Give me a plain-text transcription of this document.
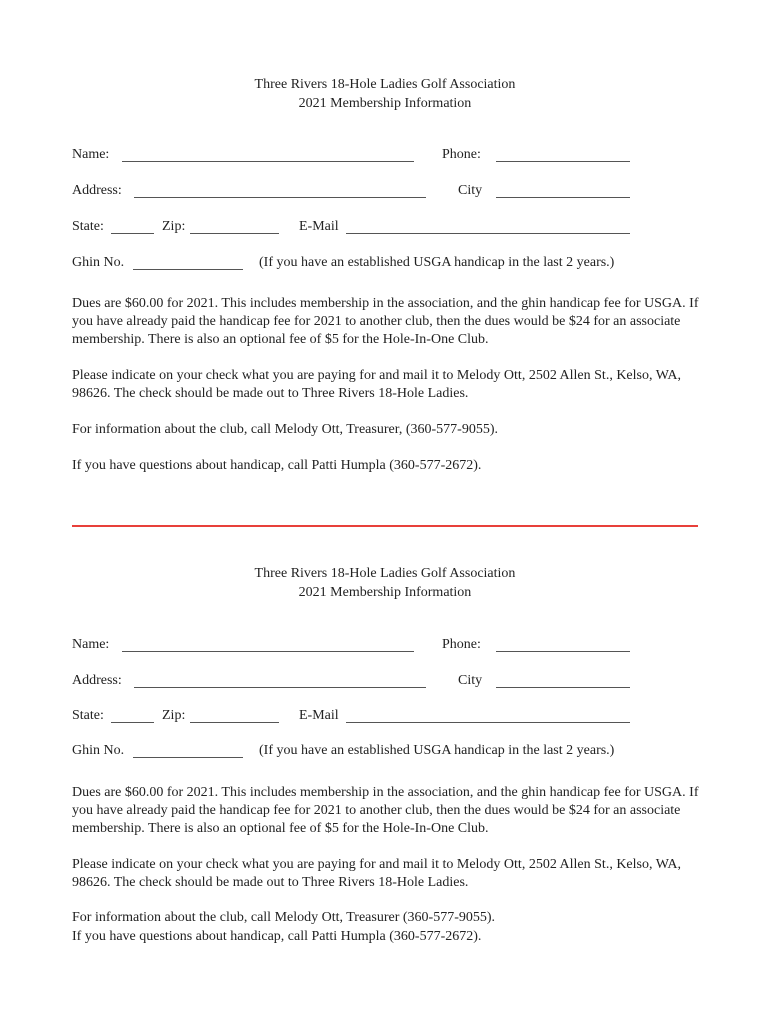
Three Rivers 18-Hole Ladies Golf Association
2021 Membership Information
Name:	Phone:
Address:	City
State:	Zip:	E-Mail
Ghin No.	(If you have an established USGA handicap in the last 2 years.)
Dues are $60.00 for 2021. This includes membership in the association, and the ghin handicap fee for USGA. If you have already paid the handicap fee for 2021 to another club, then the dues would be $24 for an associate membership. There is also an optional fee of $5 for the Hole-In-One Club.
Please indicate on your check what you are paying for and mail it to Melody Ott, 2502 Allen St., Kelso, WA, 98626. The check should be made out to Three Rivers 18-Hole Ladies.
For information about the club, call Melody Ott, Treasurer, (360-577-9055).
If you have questions about handicap, call Patti Humpla (360-577-2672).
Three Rivers 18-Hole Ladies Golf Association
2021 Membership Information
Name:	Phone:
Address:	City
State:	Zip:	E-Mail
Ghin No.	(If you have an established USGA handicap in the last 2 years.)
Dues are $60.00 for 2021. This includes membership in the association, and the ghin handicap fee for USGA. If you have already paid the handicap fee for 2021 to another club, then the dues would be $24 for an associate membership. There is also an optional fee of $5 for the Hole-In-One Club.
Please indicate on your check what you are paying for and mail it to Melody Ott, 2502 Allen St., Kelso, WA, 98626. The check should be made out to Three Rivers 18-Hole Ladies.
For information about the club, call Melody Ott, Treasurer (360-577-9055).
If you have questions about handicap, call Patti Humpla (360-577-2672).
